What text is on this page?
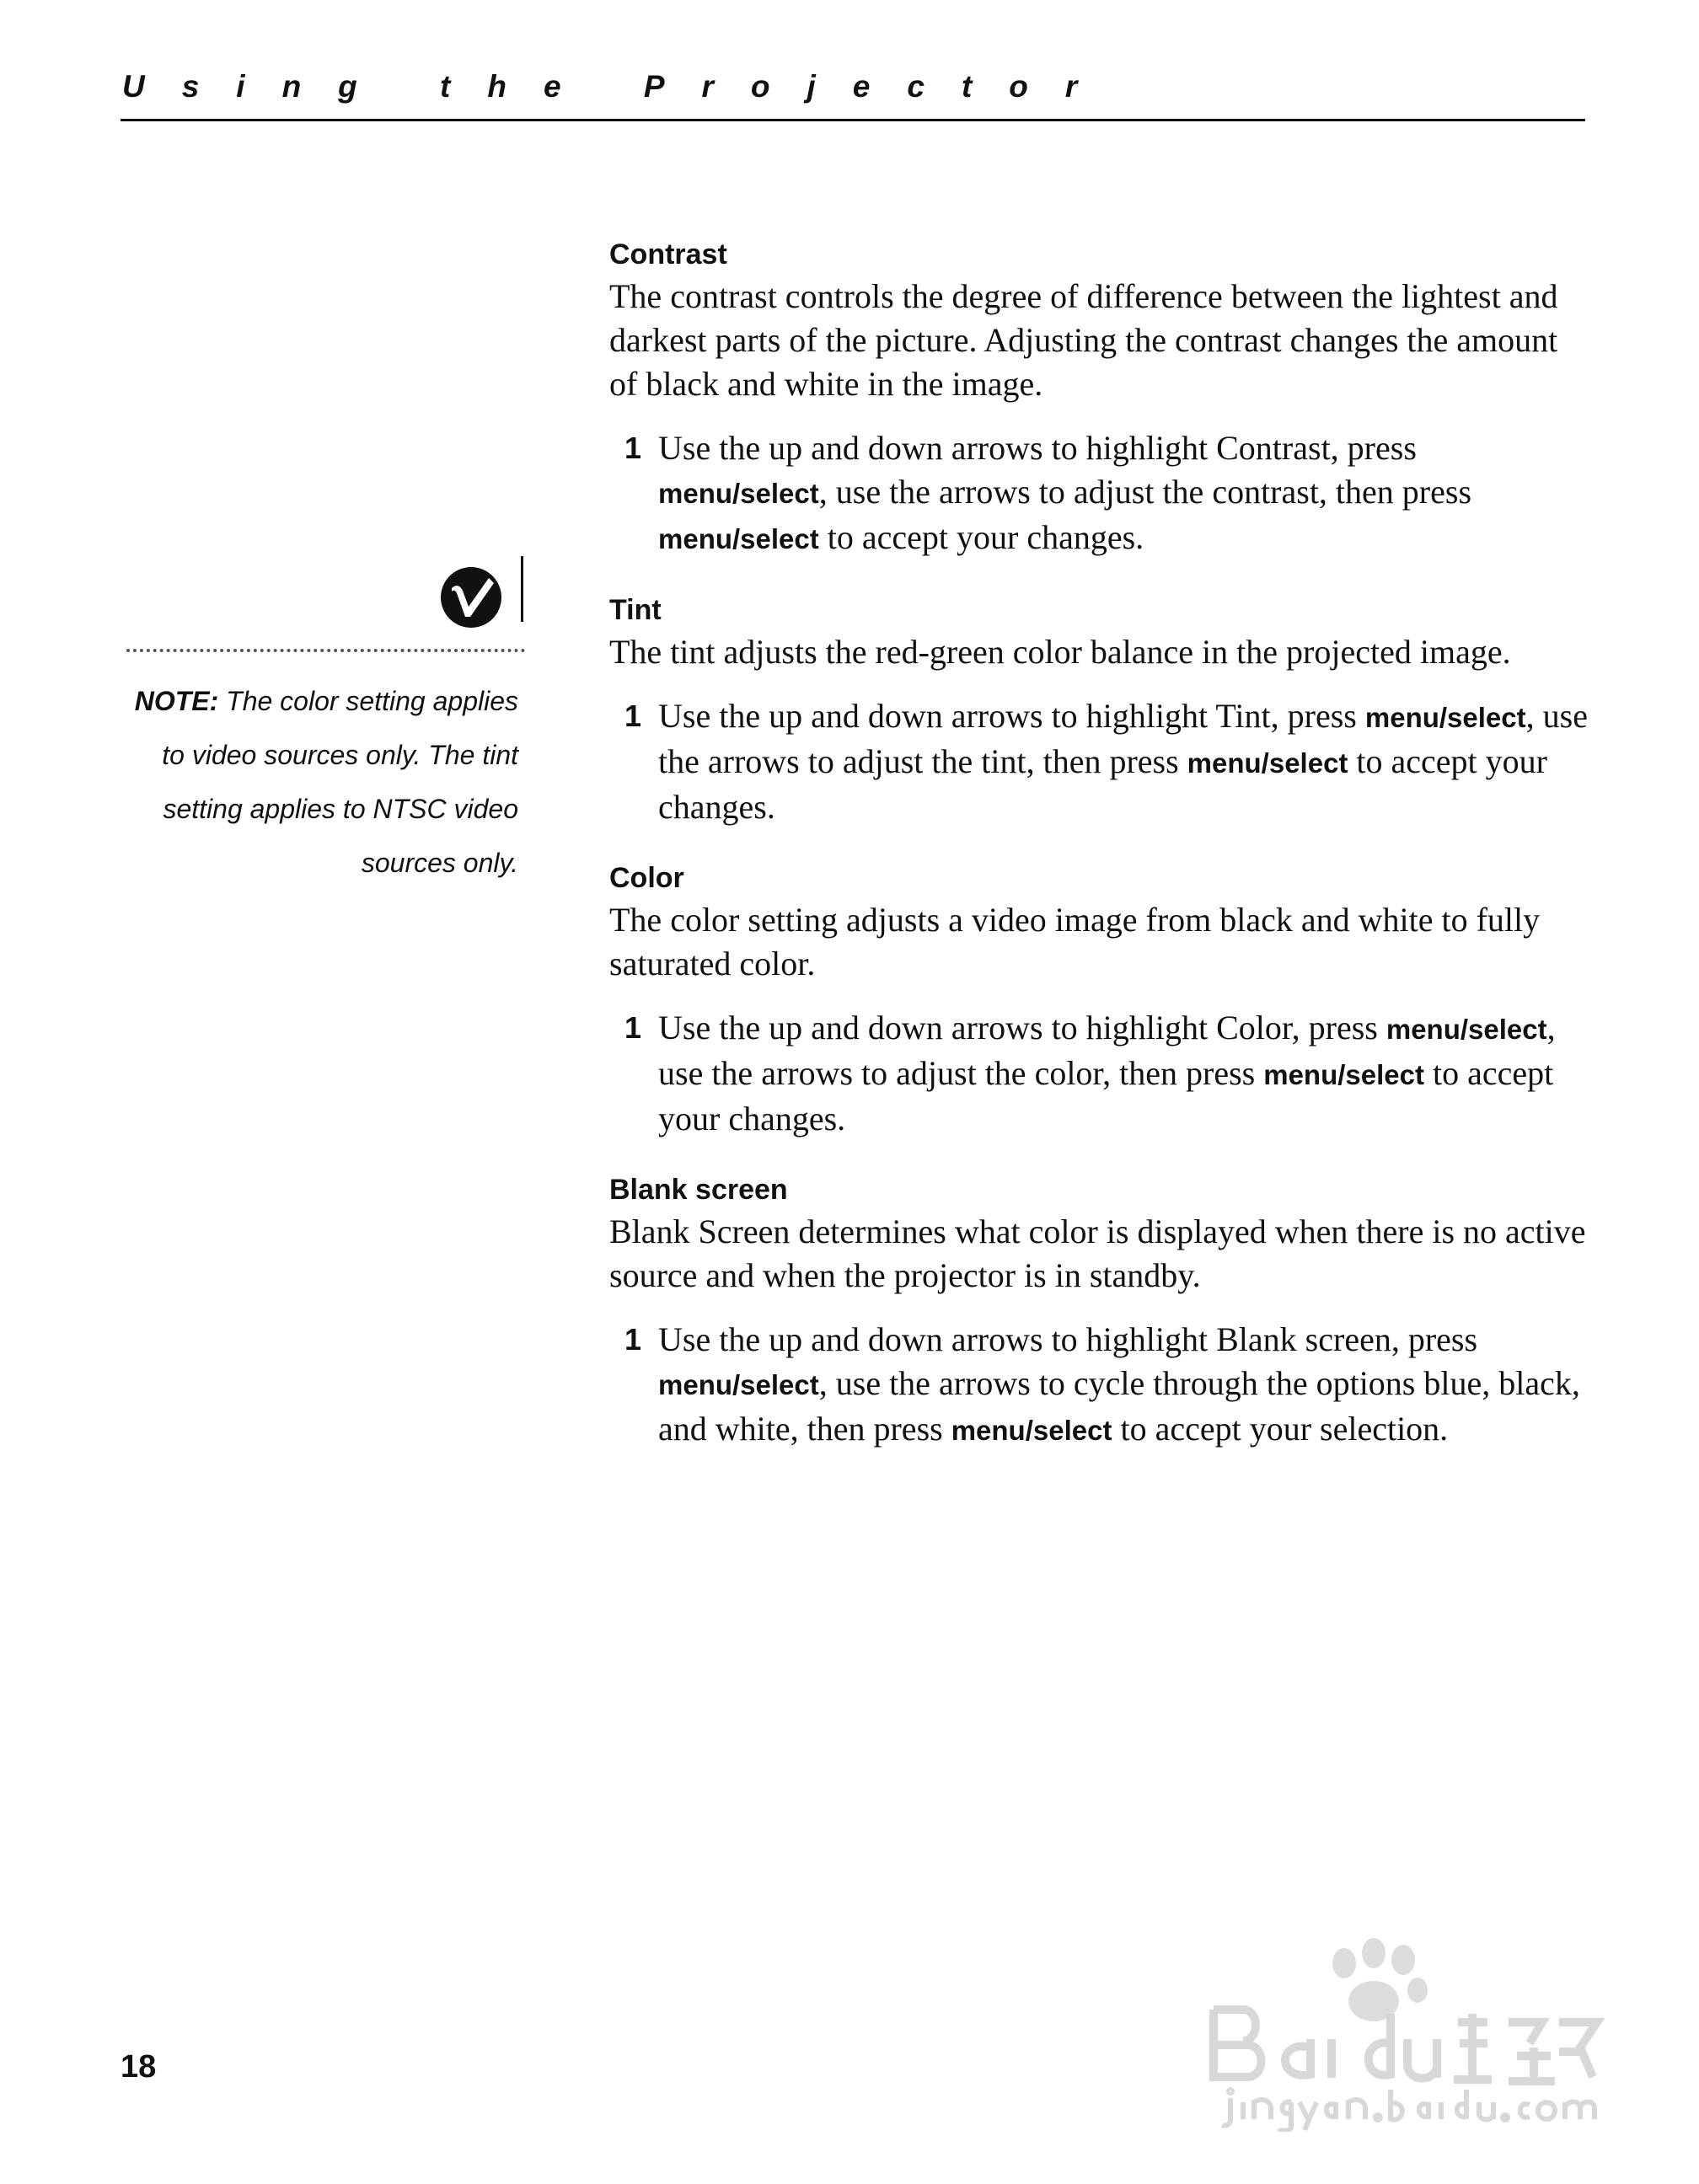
Using the Projector

Contrast

The contrast controls the degree of difference between the lightest and darkest parts of the picture. Adjusting the contrast changes the amount of black and white in the image.

1 Use the up and down arrows to highlight Contrast, press menu/select, use the arrows to adjust the contrast, then press menu/select to accept your changes.

Tint

The tint adjusts the red-green color balance in the projected image.

1 Use the up and down arrows to highlight Tint, press menu/select, use the arrows to adjust the tint, then press menu/select to accept your changes.

Color

The color setting adjusts a video image from black and white to fully saturated color.

1 Use the up and down arrows to highlight Color, press menu/select, use the arrows to adjust the color, then press menu/select to accept your changes.

Blank screen

Blank Screen determines what color is displayed when there is no active source and when the projector is in standby.

1 Use the up and down arrows to highlight Blank screen, press menu/select, use the arrows to cycle through the options blue, black, and white, then press menu/select to accept your selection.
NOTE: The color setting applies to video sources only. The tint setting applies to NTSC video sources only.
18
